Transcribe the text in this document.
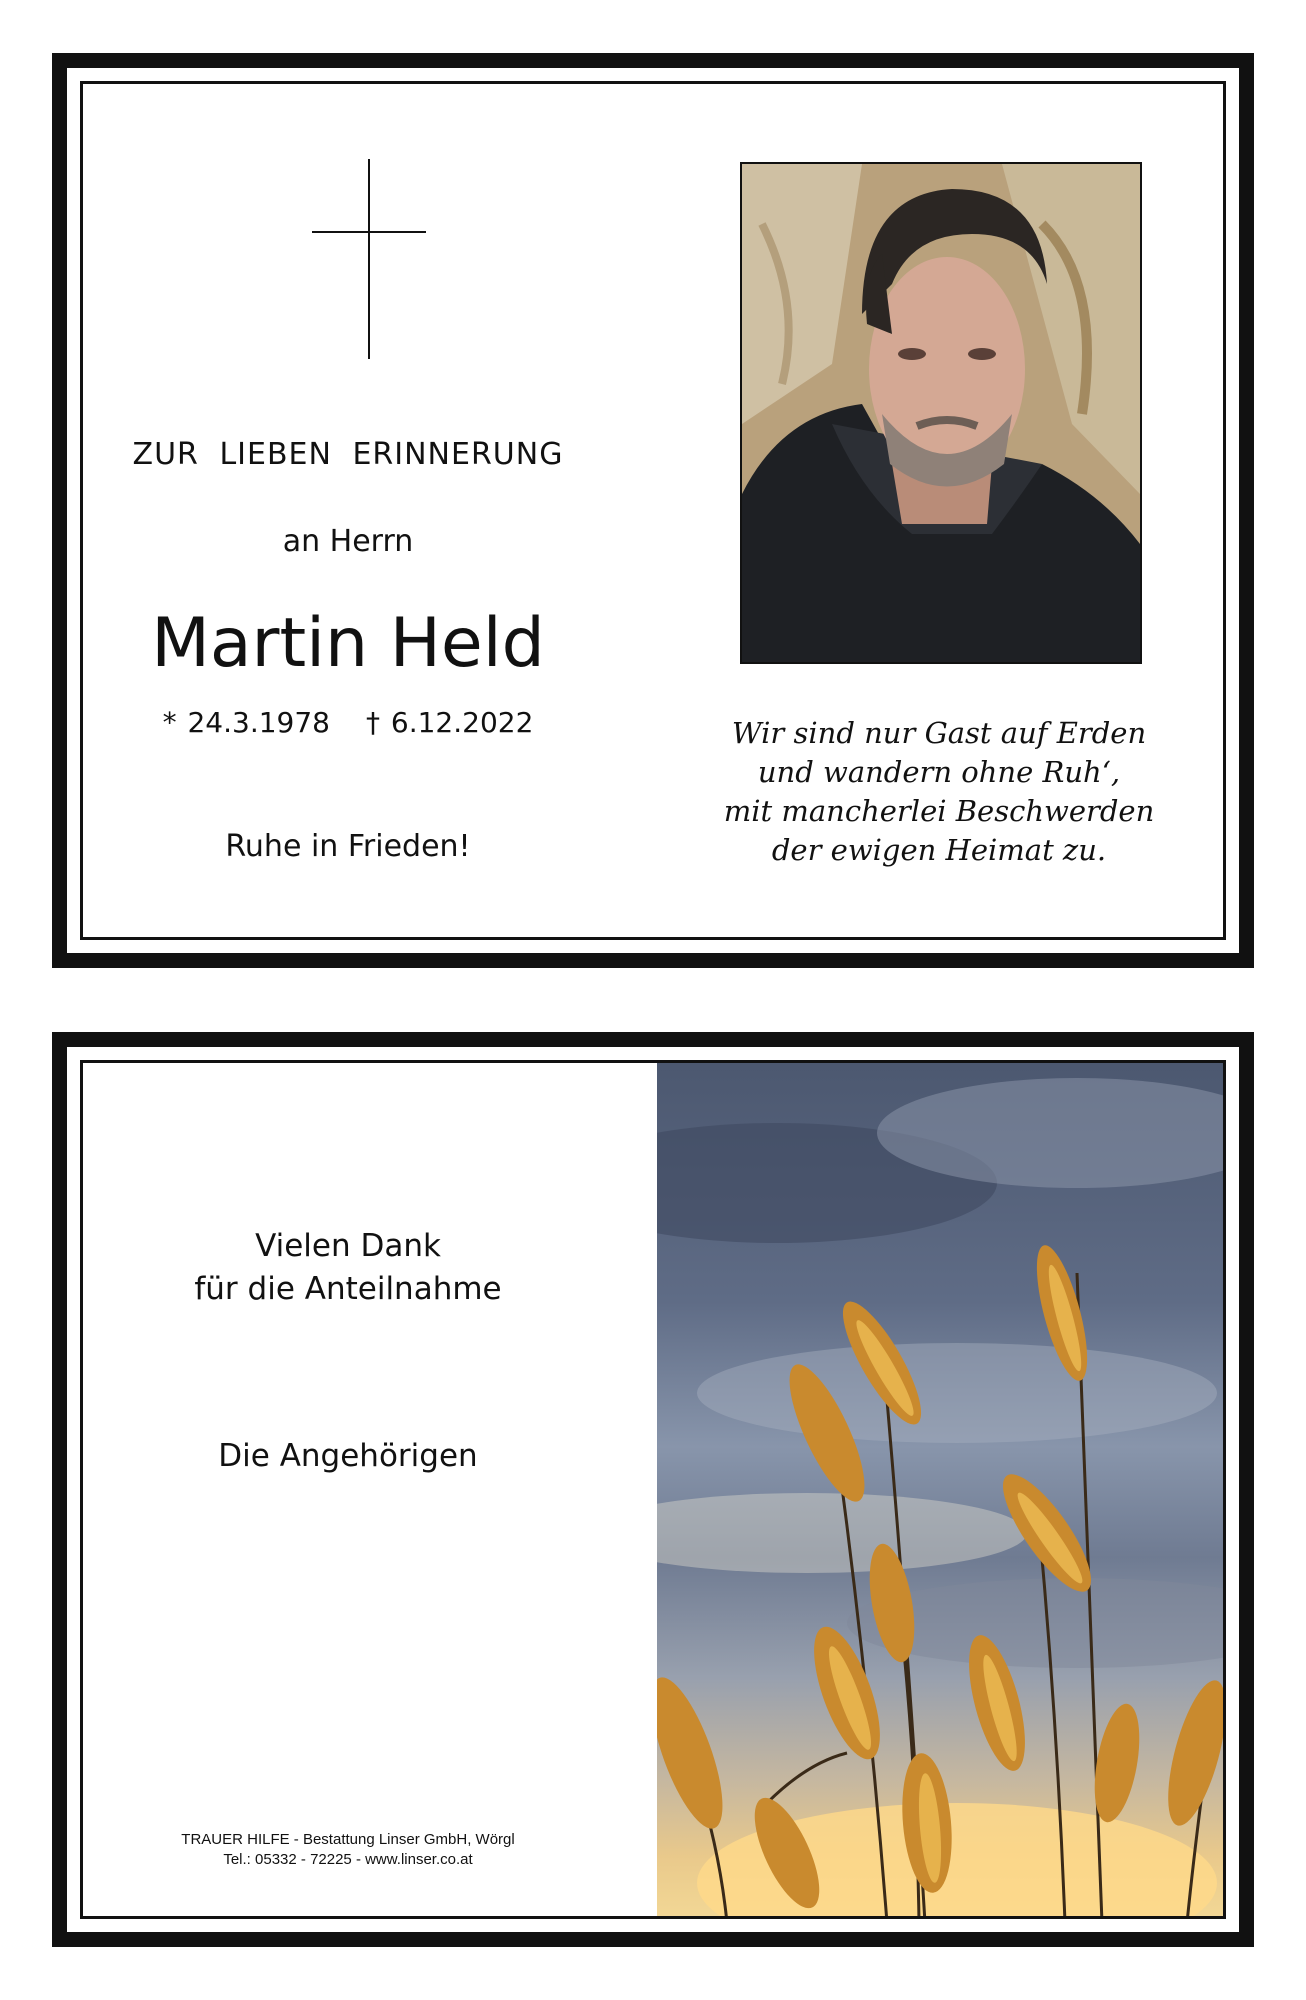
ZUR LIEBEN ERINNERUNG
an Herrn
Martin Held
* 24.3.1978 † 6.12.2022
Ruhe in Frieden!
Wir sind nur Gast auf Erden
und wandern ohne Ruh‘,
mit mancherlei Beschwerden
der ewigen Heimat zu.
Vielen Dank
für die Anteilnahme
Die Angehörigen
TRAUER HILFE - Bestattung Linser GmbH, Wörgl
Tel.: 05332 - 72225 - www.linser.co.at
